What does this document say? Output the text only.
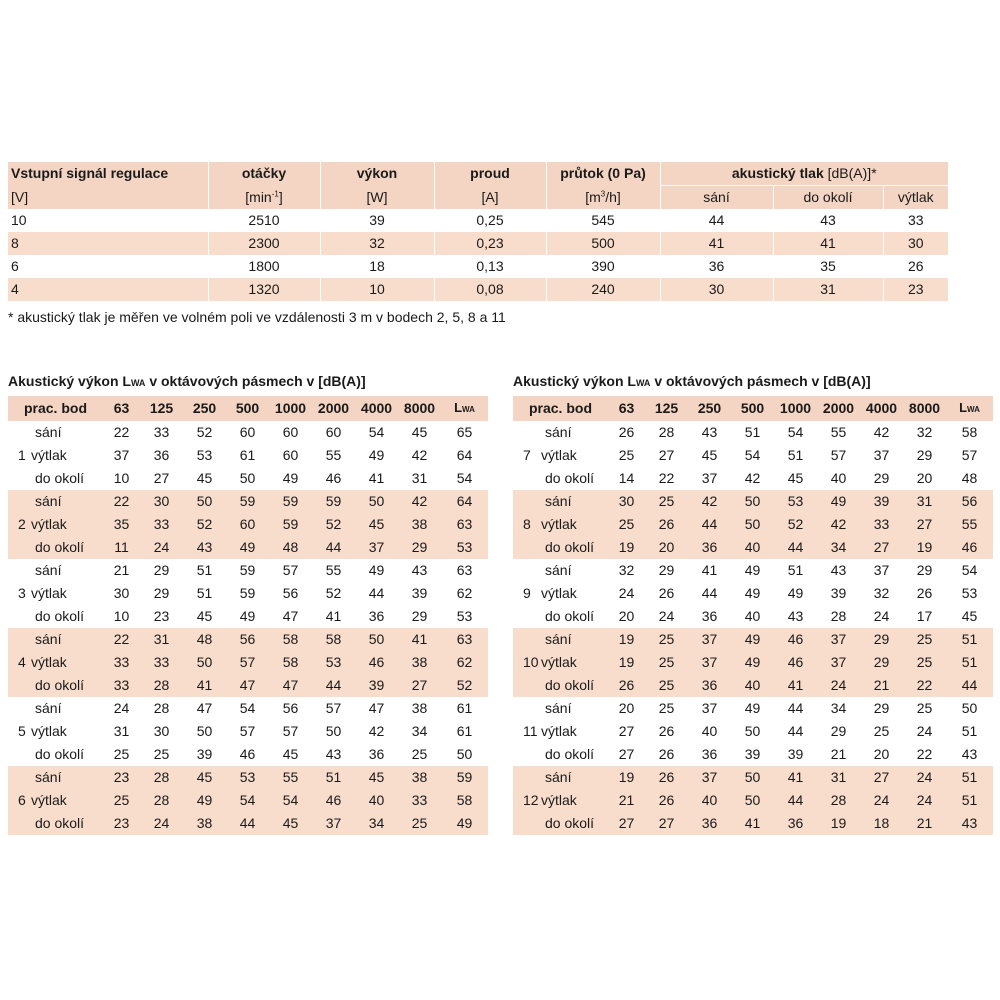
Vstupní signál regulace	otáčky	výkon	proud	průtok (0 Pa)	akustický tlak [dB(A)]*		
[V]	$[\min^{-1}]$	[W]	[A]	$[m^3/h]$	sání	do okolí	výtlak
10	2510	39	0,25	545	44	43	33
8	2300	32	0,23	500	41	41	30
6	1800	18	0,13	390	36	35	26
4	1320	10	0,08	240	30	31	23
* akustický tlak je měřen ve volném poli ve vzdálenosti 3 m v bodech 2, 5, 8 a 11
Akustický výkon LWA v oktávových pásmech v [dB(A)]
prac. bod	63	125	250	500	1000	2000	4000	8000	LWA
sání	22	33	52	60	60	60	54	45	65
1 výtlak	37	36	53	61	60	55	49	42	64
do okolí	10	27	45	50	49	46	41	31	54
sání	22	30	50	59	59	59	50	42	64
2 výtlak	35	33	52	60	59	52	45	38	63
do okolí	11	24	43	49	48	44	37	29	53
sání	21	29	51	59	57	55	49	43	63
3 výtlak	30	29	51	59	56	52	44	39	62
do okolí	10	23	45	49	47	41	36	29	53
sání	22	31	48	56	58	58	50	41	63
4 výtlak	33	33	50	57	58	53	46	38	62
do okolí	33	28	41	47	47	44	39	27	52
sání	24	28	47	54	56	57	47	38	61
5 výtlak	31	30	50	57	57	50	42	34	61
do okolí	25	25	39	46	45	43	36	25	50
sání	23	28	45	53	55	51	45	38	59
6 výtlak	25	28	49	54	54	46	40	33	58
do okolí	23	24	38	44	45	37	34	25	49
Akustický výkon LWA v oktávových pásmech v [dB(A)]
prac. bod	63	125	250	500	1000	2000	4000	8000	LWA
sání	26	28	43	51	54	55	42	32	58
7 výtlak	25	27	45	54	51	57	37	29	57
do okolí	14	22	37	42	45	40	29	20	48
sání	30	25	42	50	53	49	39	31	56
8 výtlak	25	26	44	50	52	42	33	27	55
do okolí	19	20	36	40	44	34	27	19	46
sání	32	29	41	49	51	43	37	29	54
9 výtlak	24	26	44	49	49	39	32	26	53
do okolí	20	24	36	40	43	28	24	17	45
sání	19	25	37	49	46	37	29	25	51
10 výtlak	19	25	37	49	46	37	29	25	51
do okolí	26	25	36	40	41	24	21	22	44
sání	20	25	37	49	44	34	29	25	50
11 výtlak	27	26	40	50	44	29	25	24	51
do okolí	27	26	36	39	39	21	20	22	43
sání	19	26	37	50	41	31	27	24	51
12 výtlak	21	26	40	50	44	28	24	24	51
do okolí	27	27	36	41	36	19	18	21	43
